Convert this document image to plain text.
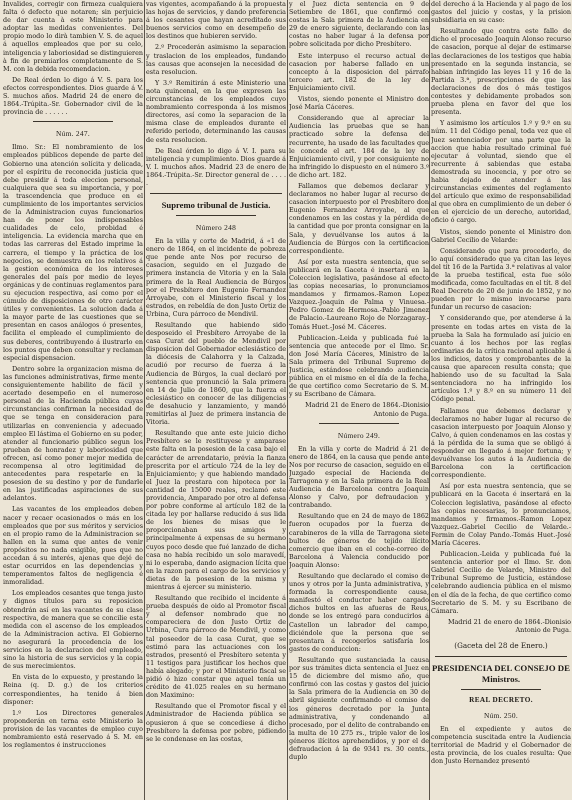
Invalides, corregir con firmeza cualquiera falta ó defecto que notaren; sin perjuicio de dar cuenta à este Ministerio para adoptar las medidas convenientes. Del propio modo lo dirà tambien V. S. de aquel á aquellos empleados que por su celo, inteligencia y laboriosidad se distinguieren à fin de premiarlos completamente de S. M. con la debida recomendacion.

De Real órden lo digo á V. S. para los efectos correspondientes. Dios guarde á V. S. muchos años. Madrid 24 de enero de 1864.-Trúpita.-Sr. Gobernador civil de la provincia de . . . . . .

Núm. 247.

Ilmo. Sr.: El nombramiento de los empleados públicos depende de parte del Gobierno una atención solícita y delicada, por el espíritu de reconocida justicia que debe presidir á toda eleccion personal, cualquiera que sea su importancia, y por la trascendencia que produce en el cumplimiento de los importantes servicios de la Administracion cuyas funcionarios han de poner los indispensables cualidades de celo, probidad é inteligencia. La evidencia marcha que en todas las carreras del Estado imprime la carrera, el tiempo y la práctica de los negocios, se demuestra en los relativos á la gestion económica de los intereses generales del país por medio de leyes orgánicas y de continuas reglamentos para su ejecucion respectiva, así como por el cúmulo de disposiciones de otro carácter útiles y convenientes. La solucion dada á la mayor parte de las cuestiones que se presentan en casos análogos ó presentes, facilita el empleado el cumplimiento de sus deberes, contribuyendo á ilustrarlo en los puntos que deben consultar y reclaman especial dispensacion.

Dentro sobre la organizacion misma de las funciones administrativas, firme mente consiguientemente habilito de fácil y acertado desempeño en el numeroso personal de la Hacienda pública cuyas circunstancias confirman la necesidad de que se tenga en consideracion para utilizarlas en conveniencia y adecuado empleo El lástima el Gobierno en su poder, atender al funcionario público segun los prueban de honradez y laboriosidad que ofrecen, así como poner mejor medida de recompensa al otro legitimidad de antecedentes para respetarle en la posesion de su destino y por de fundarle en las justificadas aspiraciones de sus adelantos.

Las vacantes de los empleados deben nacer y recaer ocasionados o más en los empleados que por sus méritos y servicios en el propio ramo de la Administracion se hallen en la suma que antes de venir propósitos no nada exigible, pues que no accedan á su interés, ajenas que dejé de estar ocurridos en las dependencias y temperamentos faltos de negligencia é inmoralidad.

Los empleados cesantes que tenga justo y dignos títulos para su reposicion obtendrán así en las vacantes de su clase respectiva, de manera que se concilie esta medida con el ascenso de los empleados de la Administracion activa. El Gobierno no asegurará la procedencia de los servicios en la declaracion del empleado, sino la historia de sus servicios y la copia de sus merecimientos.

En vista de lo expuesto, y prestando la Reina (q. D. g.) de los criterios correspondientes, ha tenido á bien disponer:

1.º Los Directores generales proponderán en terna este Ministerio la provision de las vacantes de empleo cuyo nombramiento está reservado á S. M. en los reglamentos é instrucciones

vas vigentes, acompañando á la propuesta las hojas de servicios, y dando preferencia á los cesantes que hayan acreditado sus buenos servicios como en desempeño de los destinos que hubieren servido.

2.º Procederán asimismo la separacion y traslacion de los empleados, fundando las causas que aconsejen la necesidad de esta resolucion.

Y 3.º Remitirán á este Ministerio una nota quincenal, en la que expresen las circunstancias de los empleados cuyo nombramiento corresponda á los mismos directores, así como la separacion de la misma clase de empleados durante el referido periodo, determinando las causas de esta resolucion.

De Real órden lo digo á V. I. para su inteligencia y cumplimiento. Dios guarde á V. I. muchos años. Madrid 23 de enero de 1864.-Trúpita.-Sr. Director general de . . . . .

Supremo tribunal de Justicia.
Número 248

En la villa y corte de Madrid, á «1 de enero de 1864, en el incidente de pobreza que pende ante Nos por recurso de casacion, seguido en el Juzgado de primera instancia de Vitoria y en la Sala primera de la Real Audiencia de Búrgos por el Presbítero don Eugenio Fernandez Arroyabe, con el Ministerio fiscal y los estrados, en rebeldía de don Justo Ortiz de Urbina, Cura párroco de Mendivil.

Resultando que habiendo sido desposeido el Presbítero Arroyabe de la casa Curat del pueblo de Mendivil por disposicion del Gobernador eclesiástico de la diócesis de Calahorra y la Calzada, acudió por recurso de fuerza á la Audiencia de Búrgos, la cual declaró por sentencia que pronunció la Sala primera en 14 de Julio de 1860, que la fuerza el eclesiástico en conocer de las diligencias de desahucio y lanzamiento, y mandó remitirlas al Juez de primera instancia de Vitoria.

Resultando que ante este juicio dicho Presbítero se le restituyese y amparase este falta en la posesion de la casa bajo el carácter de arrendatario, prévia la fianza prescrita por el artículo 724 de la ley de Enjuiciamiento; y que habiendo mandado el Juez la prestara con hipoteca por la cantidad de 15000 reales, reclamó este providencia, Amparado por otro al defensa por pobre conforme al artículo 182 de la citada ley por hallarse reducido á sus lida de los bienes de misas que le proporcionaban sus amigos y principalmente á expensas de su hermano cuyos poco desde que fué lanzado de dicha casa no había recibido un solo maravedí, ni lo esperaba, dando asignacion lícita que en la razon para el cargo de los servicios y dietas de la posesion de la misma y mientras á ejercer su ministerio.

Resultando que recibido el incidente á prueba después de oido al Promotor fiscal y al defensor nombrado que no compareciera de don Justo Ortiz de Urbina, Cura párroco de Mendivil, y como tal poseedor de la casa Curat, que se estimó para las actuaciones con los estrados, presentó el Presbítero setenta y 11 testigos para justificar los hechos que había alegado; y por el Ministerio fiscal se pidió ó hizo constar que aquel tenía un crédito de 41.025 reales en su hermano don Maximino:

Resultando que el Promotor fiscal y el Administrador de Hacienda pública se opusieron á que se concediese á dicho Presbítero la defensa por pobre, pidiendo se le condenase en las costas,

y el Juez dicta sentencia en 9 de Setiembre de 1861, que confirmó con costas la Sala primera de la Audiencia en 29 de enero siguiente, declarando con las costas no haber lugar á la defensa por pobre solicitada por dicho Presbítero.

Este interpuso el recurso actual de casacion por haberse fallado en un concepto á la disposicion del párrafo tercero art. 182 de la ley de Enjuiciamiento civil.

Vistos, siendo ponente el Ministro don José María Cáceres.

Considerando que al apreciar la Audiencia las pruebas que se han practicado sobre la defensa del recurrente, ha usado de las facultades que le concede el art. 184 de la ley de Enjuiciamiento civil, y por consiguiente no ha infringido lo dispuesto en el número 3.º de dicho art. 182.

Fallamos que debemos declarar y declaramos no haber lugar al recurso de casacion interpuesto por el Presbítero don Eugenio Fernandez Arroyabe, al que condenamos en las costas y la pérdida de la cantidad que por pronta consignar en la Sala, y devuélvanse los autos á la Audiencia de Búrgos con la certificacion correspondiente.

Así por esta nuestra sentencia, que se publicará en la Gaceta é insertará en la Coleccion legislativa, pasándose al efecto las copias necesarias, lo pronunciamos mandamos y firmamos.-Ramon Lopez Vazquez.-Joaquin de Palma y Vinuesa.-Pedro Gomez de Hermosa.-Pablo Jimenez de Palacio.-Laureano Rojo de Norzagaray.-Tomás Huet.-José M. Cáceres.

Publicacion.-Leida y publicada fué la sentencia que antecede por el Ilmo. Sr. don José María Cáceres, Ministro de la Sala primera del Tribunal Supremo de Justicia, estándose celebrando audiencia pública en el mismo en el día de la fecha, de que certifico como Secretario de S. M. y su Escribano de Cámara.

Madrid 21 de Enero de 1864.-Dionisio Antonio de Puga.

Número 249.

En la villa y corte de Madrid á 21 de enero de 1864, en la causa que pende ante Nos por recurso de casacion, seguido en el Juzgado especial de Hacienda de Tarragona y en la Sala primera de la Real Audiencia de Barcelona contra Joaquin Alonso y Calvo, por defraudacion y contrabando.

Resultando que en 24 de mayo de 1862 fueron ocupados por la fuerza de carabineros de la villa de Tarragona siete bultos de géneros de tejido ilícito comercio que iban en el coche-correo de Barcelona á Valencia conducido por Joaquin Alonso:

Resultando que declarado el comiso de unos y otros por la Junta administrativa, y formada la correspondiente causa, manifestó el conductor haber cargado dichos bultos en las afueras de Reus, donde se los entregó para conducirlos á Castellon un labrador del campo, diciéndole que la persona que se presentara á recogerlos satisfaría los gastos de conduccion:

Resultando que sustanciada la causa por sus trámites dicta sentencia el Juez en 15 de diciembre del mismo año, que confirmó con las costas y gastos del juicio la Sala primera de la Audiencia en 30 de abril siguiente confirmando el comiso de los géneros decretado por la Junta administrativa, y condenando al procesado, por el delito de contrabando en la multa de 10 275 rs., triple valor de los géneros ilícitos aprehendidos, y por el de defraudacion á la de 9341 rs. 30 cents., duplo

del derecho á la Hacienda y al pago de los gastos del juicio y costas, y la prision subsidiaria en su caso:

Resultando que contra este fallo de dicho el procesado Joaquin Alonso recurso de casacion, porque al dejar de estimarse las declaraciones de los testigos que habia presentado en la segunda instancia, se habian infringido las leyes 11 y 16 de la Partida 3.ª, prescripciones de que las declaraciones de dos ó más testigos contestes y debidamente probados son prueba plena en favor del que los presenta.

Y asimismo los artículos 1.º y 9.º en su núm. 11 del Código penal, toda vez que el Juez sentenciador por una parte que la accion que habia resultado criminal fué ejecutar á voluntad, siendo que el recurrente á sabiendas que estaba demostrada su inocencia, y por otro se habia dejado de atender á las circunstancias eximentes del reglamento del artículo que eximo de responsabilidad al que obra en cumplimiento de un deber ó en el ejercicio de un derecho, autoridad, oficio ó cargo.

Vistos, siendo ponente el Ministro don Gabriel Cecilio de Velarde:

Considerando que para procederlo, de lo aquí considerado que ya citan las leyes del tít 16 de la Partida 3.ª relativas al valor de la prueba testifical, esta fue sólo modificada, como facultadas en el tít. 8 del Real Decreto de 20 de junio de 1852, y no pueden por lo mismo invocarse para fundar un recurso de casacion:

Y considerando que, por atenderse á la presente en todas artes en vista de la prueba la Sala ha formulado así juicio en cuanto á los hechos por las reglas ordinarias de la crítica racional aplicable á los indicios, datos y comprobantes de la causa que aparecen resulta consta; que habiendo uso de su facultad la Sala sentenciadora no ha infringido los artículos 1.º y 8.º en su número 11 del Código penal.

Fallamos que debemos declarar y declaramos no haber lugar al recurso de casacion interpuesto por Joaquin Alonso y Calvo, á quien condenamos en las costas y á la pérdida de la suma que se obligó á responder en llegado á mejor fortuna; y devuélvanse los autos á la Audiencia de Barcelona con la certificacion correspondiente.

Así por esta nuestra sentencia, que se publicará en la Gaceta é insertará en la Coleccion legislativa, pasándose al efecto las copias necesarias, lo pronunciamos, mandamos y firmamos.-Ramon Lopez Vazquez.-Gabriel Cecilio de Velarde.-Fermin de Colay Pando.-Tomás Huet.-José María Cáceres.

Publicacion.-Leida y publicada fué la sentencia anterior por el Ilmo. Sr. don Gabriel Cecilio de Velarde, Ministro del Tribunal Supremo de Justicia, estándose celebrando audiencia pública en el mismo en el día de la fecha, de que certifico como Secretario de S. M. y su Escribano de Cámara.

Madrid 21 de enero de 1864.-Dionisio Antonio de Puga.

(Gaceta del 28 de Enero.)
PRESIDENCIA DEL CONSEJO DE Ministros.
REAL DECRETO.
Núm. 250.

En el expediente y autos de competencia suscitada entre la Audiencia territorial de Madrid y el Gobernador de esta provincia, de los cuales resulta: Que don Justo Hernandez presentó
